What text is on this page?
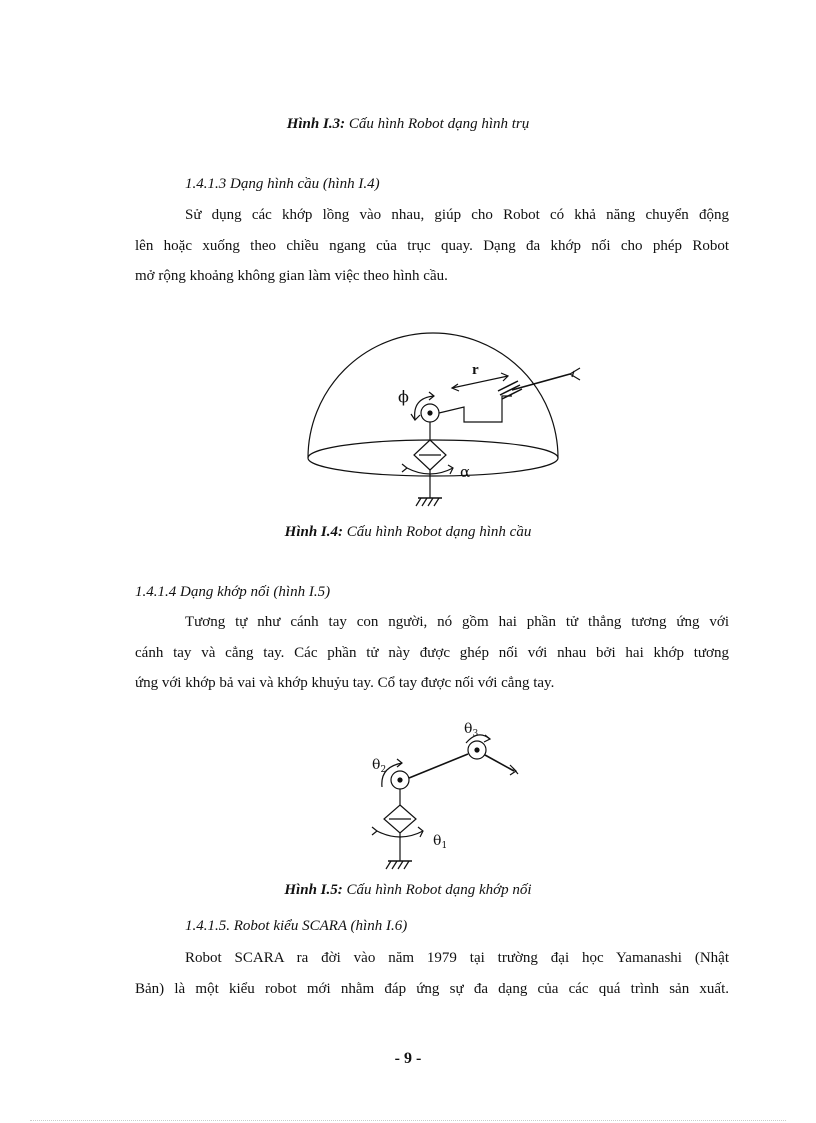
Hình I.3: Cấu hình Robot dạng hình trụ
1.4.1.3 Dạng hình cầu (hình I.4)
Sử dụng các khớp lồng vào nhau, giúp cho Robot có khả năng chuyển động
lên hoặc xuống theo chiều ngang của trục quay. Dạng đa khớp nối cho phép Robot
mở rộng khoảng không gian làm việc theo hình cầu.
r
ϕ
α
Hình I.4: Cấu hình Robot dạng hình cầu
1.4.1.4 Dạng khớp nối (hình I.5)
Tương tự như cánh tay con người, nó gồm hai phần tử thẳng tương ứng với
cánh tay và cẳng tay. Các phần tử này được ghép nối với nhau bởi hai khớp tương
ứng với khớp bả vai và khớp khuỷu tay. Cổ tay được nối với cẳng tay.
$\theta_2$
$\theta_3$
$\theta_1$
Hình I.5: Cấu hình Robot dạng khớp nối
1.4.1.5. Robot kiểu SCARA (hình I.6)
Robot SCARA ra đời vào năm 1979 tại trường đại học Yamanashi (Nhật
Bản) là một kiểu robot mới nhằm đáp ứng sự đa dạng của các quá trình sản xuất.
- 9 -
